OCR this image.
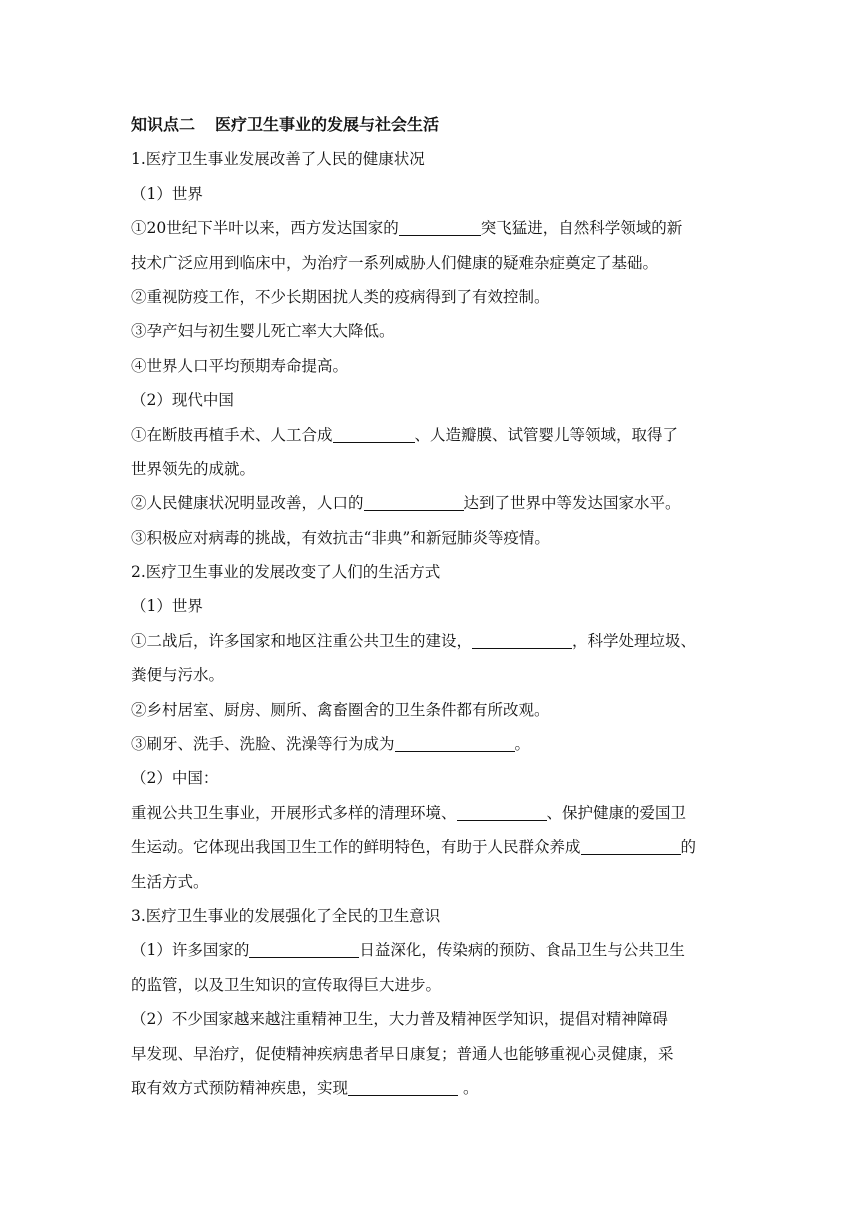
知识点二 医疗卫生事业的发展与社会生活
1.医疗卫生事业发展改善了人民的健康状况
（1）世界
①20世纪下半叶以来，西方发达国家的	突飞猛进，自然科学领域的新
技术广泛应用到临床中，为治疗一系列威胁人们健康的疑难杂症奠定了基础。
②重视防疫工作，不少长期困扰人类的疫病得到了有效控制。
③孕产妇与初生婴儿死亡率大大降低。
④世界人口平均预期寿命提高。
（2）现代中国
①在断肢再植手术、人工合成	、人造瓣膜、试管婴儿等领域，取得了
世界领先的成就。
②人民健康状况明显改善，人口的	达到了世界中等发达国家水平。
③积极应对病毒的挑战，有效抗击“非典”和新冠肺炎等疫情。
2.医疗卫生事业的发展改变了人们的生活方式
（1）世界
①二战后，许多国家和地区注重公共卫生的建设，	，科学处理垃圾、
粪便与污水。
②乡村居室、厨房、厕所、禽畜圈舍的卫生条件都有所改观。
③刷牙、洗手、洗脸、洗澡等行为成为	。
（2）中国：
重视公共卫生事业，开展形式多样的清理环境、	、保护健康的爱国卫
生运动。它体现出我国卫生工作的鲜明特色，有助于人民群众养成	的
生活方式。
3.医疗卫生事业的发展强化了全民的卫生意识
（1）许多国家的	日益深化，传染病的预防、食品卫生与公共卫生
的监管，以及卫生知识的宣传取得巨大进步。
（2）不少国家越来越注重精神卫生，大力普及精神医学知识，提倡对精神障碍
早发现、早治疗，促使精神疾病患者早日康复；普通人也能够重视心灵健康，采
取有效方式预防精神疾患，实现	。
